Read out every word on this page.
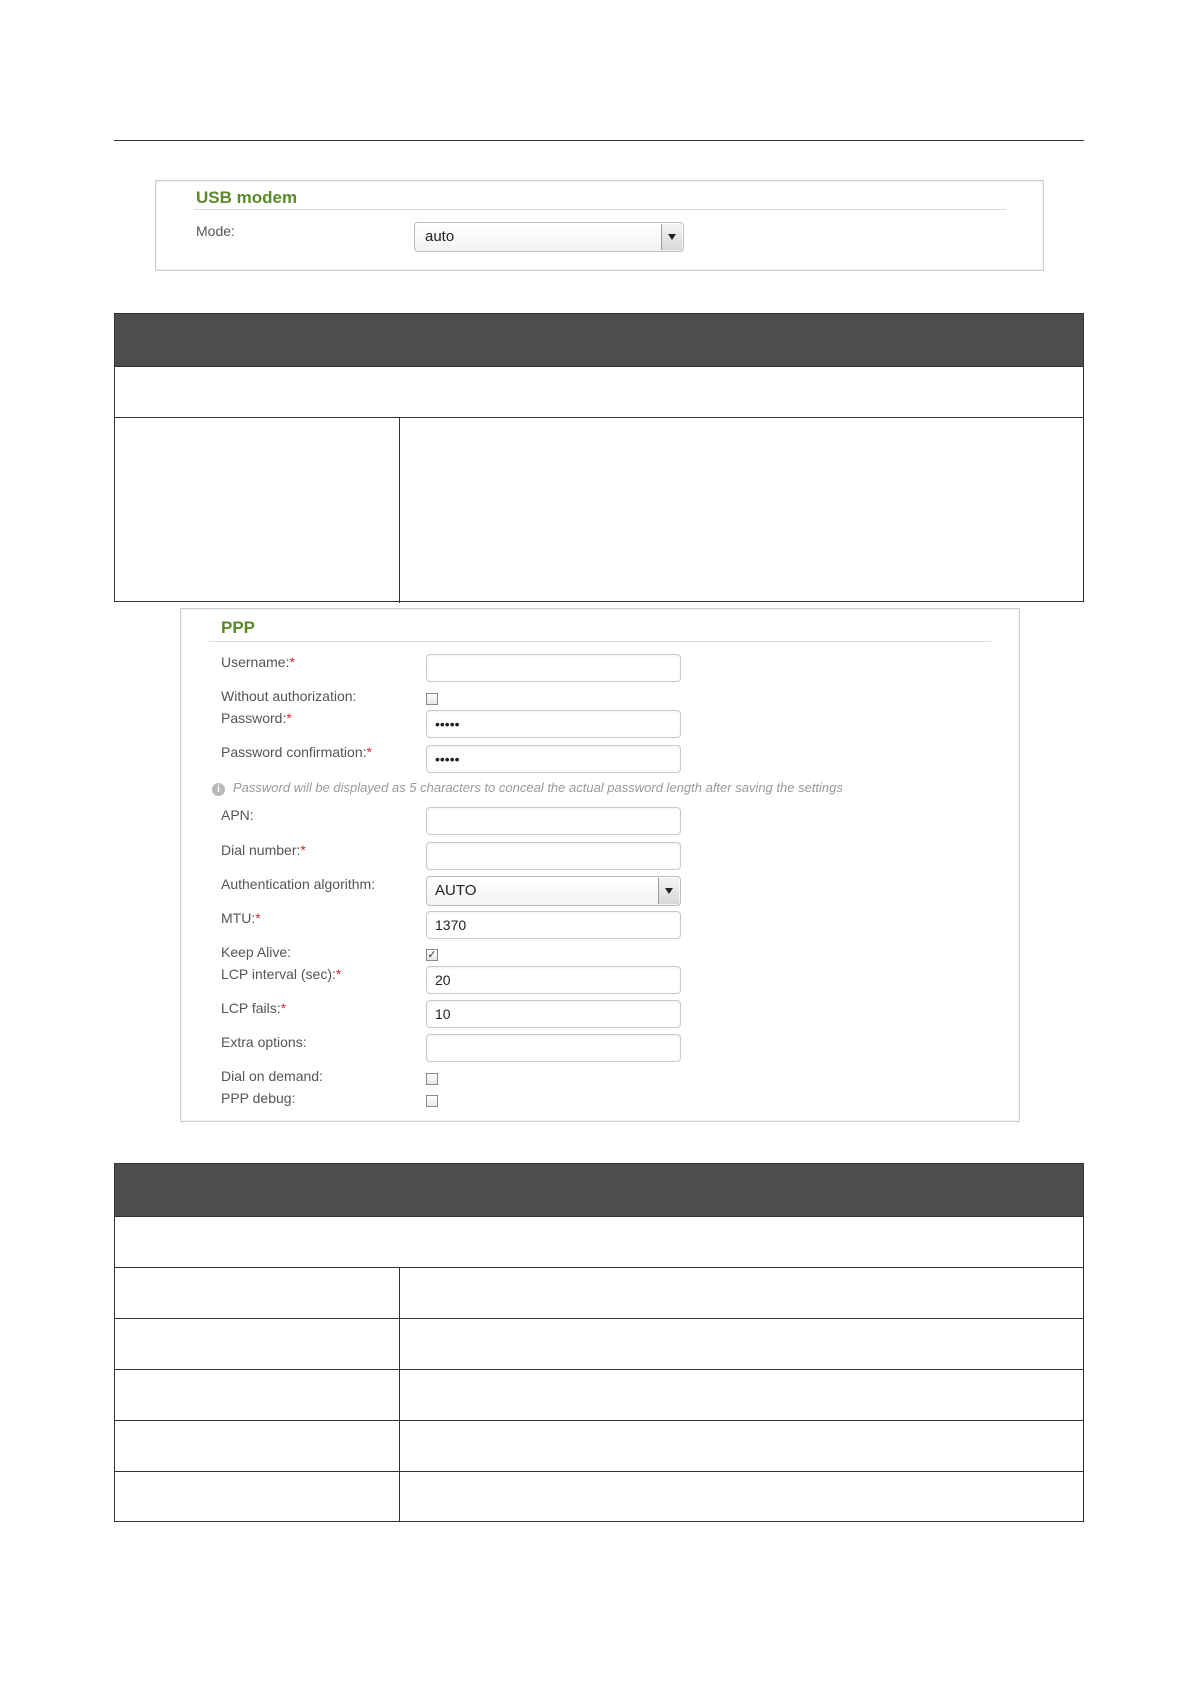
USB modem
Mode:	auto
PPP
Username:*
Without authorization:
Password:*	•••••
Password confirmation:*	•••••
i	Password will be displayed as 5 characters to conceal the actual password length after saving the settings
APN:
Dial number:*
Authentication algorithm:	AUTO
MTU:*	1370
Keep Alive:	✓
LCP interval (sec):*	20
LCP fails:*	10
Extra options:
Dial on demand:
PPP debug:
